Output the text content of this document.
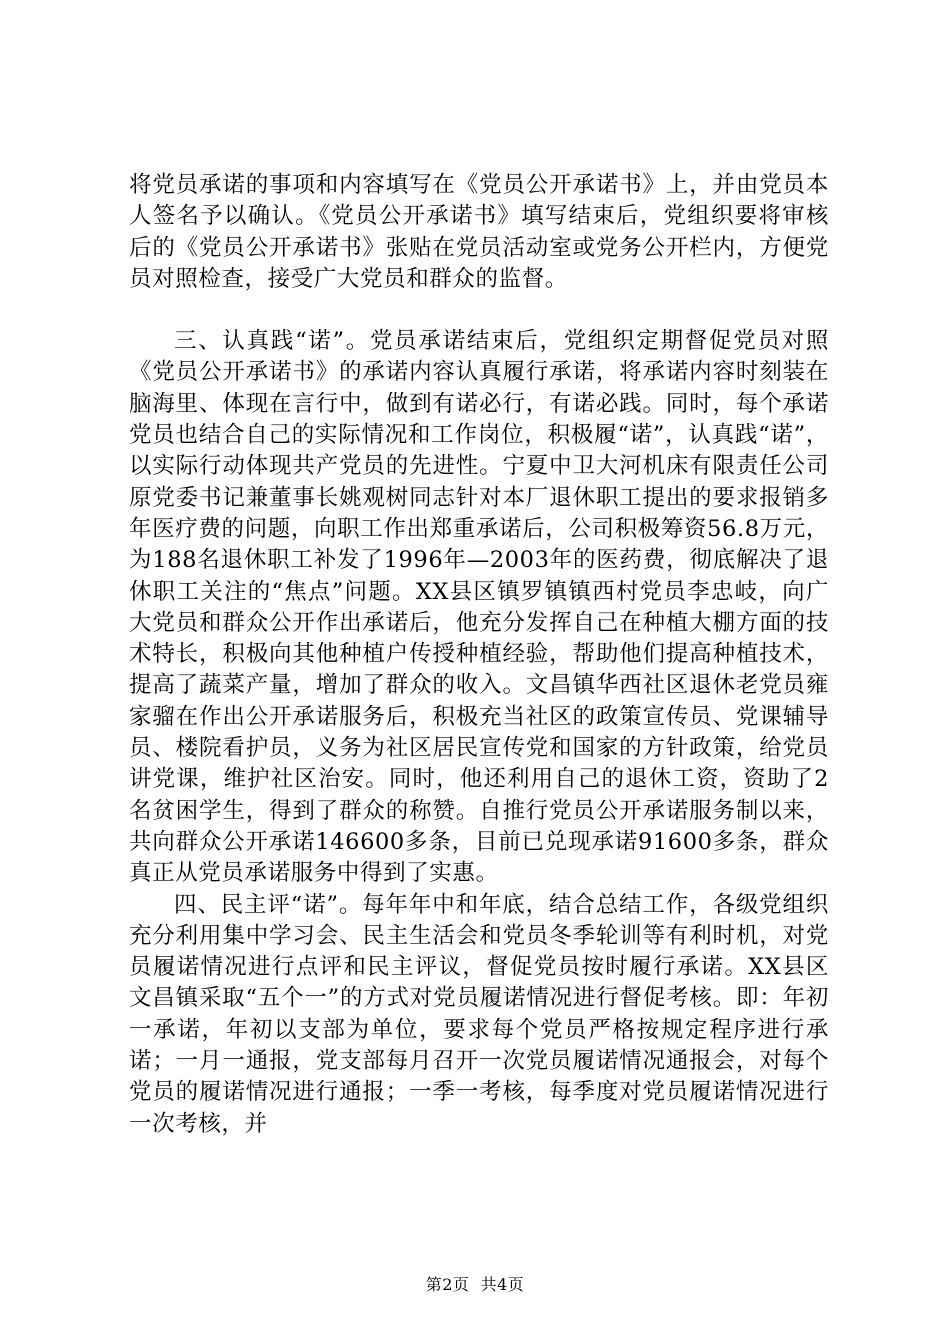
将党员承诺的事项和内容填写在《党员公开承诺书》上，并由党员本人签名予以确认。《党员公开承诺书》填写结束后，党组织要将审核后的《党员公开承诺书》张贴在党员活动室或党务公开栏内，方便党员对照检查，接受广大党员和群众的监督。

三、认真践“诺”。党员承诺结束后，党组织定期督促党员对照《党员公开承诺书》的承诺内容认真履行承诺，将承诺内容时刻装在脑海里、体现在言行中，做到有诺必行，有诺必践。同时，每个承诺党员也结合自己的实际情况和工作岗位，积极履“诺”，认真践“诺”，以实际行动体现共产党员的先进性。宁夏中卫大河机床有限责任公司原党委书记兼董事长姚观树同志针对本厂退休职工提出的要求报销多年医疗费的问题，向职工作出郑重承诺后，公司积极筹资56.8万元，为188名退休职工补发了1996年—2003年的医药费，彻底解决了退休职工关注的“焦点”问题。XX县区镇罗镇镇西村党员李忠岐，向广大党员和群众公开作出承诺后，他充分发挥自己在种植大棚方面的技术特长，积极向其他种植户传授种植经验，帮助他们提高种植技术，提高了蔬菜产量，增加了群众的收入。文昌镇华西社区退休老党员雍家骝在作出公开承诺服务后，积极充当社区的政策宣传员、党课辅导员、楼院看护员，义务为社区居民宣传党和国家的方针政策，给党员讲党课，维护社区治安。同时，他还利用自己的退休工资，资助了2名贫困学生，得到了群众的称赞。自推行党员公开承诺服务制以来，共向群众公开承诺146600多条，目前已兑现承诺91600多条，群众真正从党员承诺服务中得到了实惠。

四、民主评“诺”。每年年中和年底，结合总结工作，各级党组织充分利用集中学习会、民主生活会和党员冬季轮训等有利时机，对党员履诺情况进行点评和民主评议，督促党员按时履行承诺。XX县区文昌镇采取“五个一”的方式对党员履诺情况进行督促考核。即：年初一承诺，年初以支部为单位，要求每个党员严格按规定程序进行承诺；一月一通报，党支部每月召开一次党员履诺情况通报会，对每个党员的履诺情况进行通报；一季一考核，每季度对党员履诺情况进行一次考核，并

第2页  共4页
